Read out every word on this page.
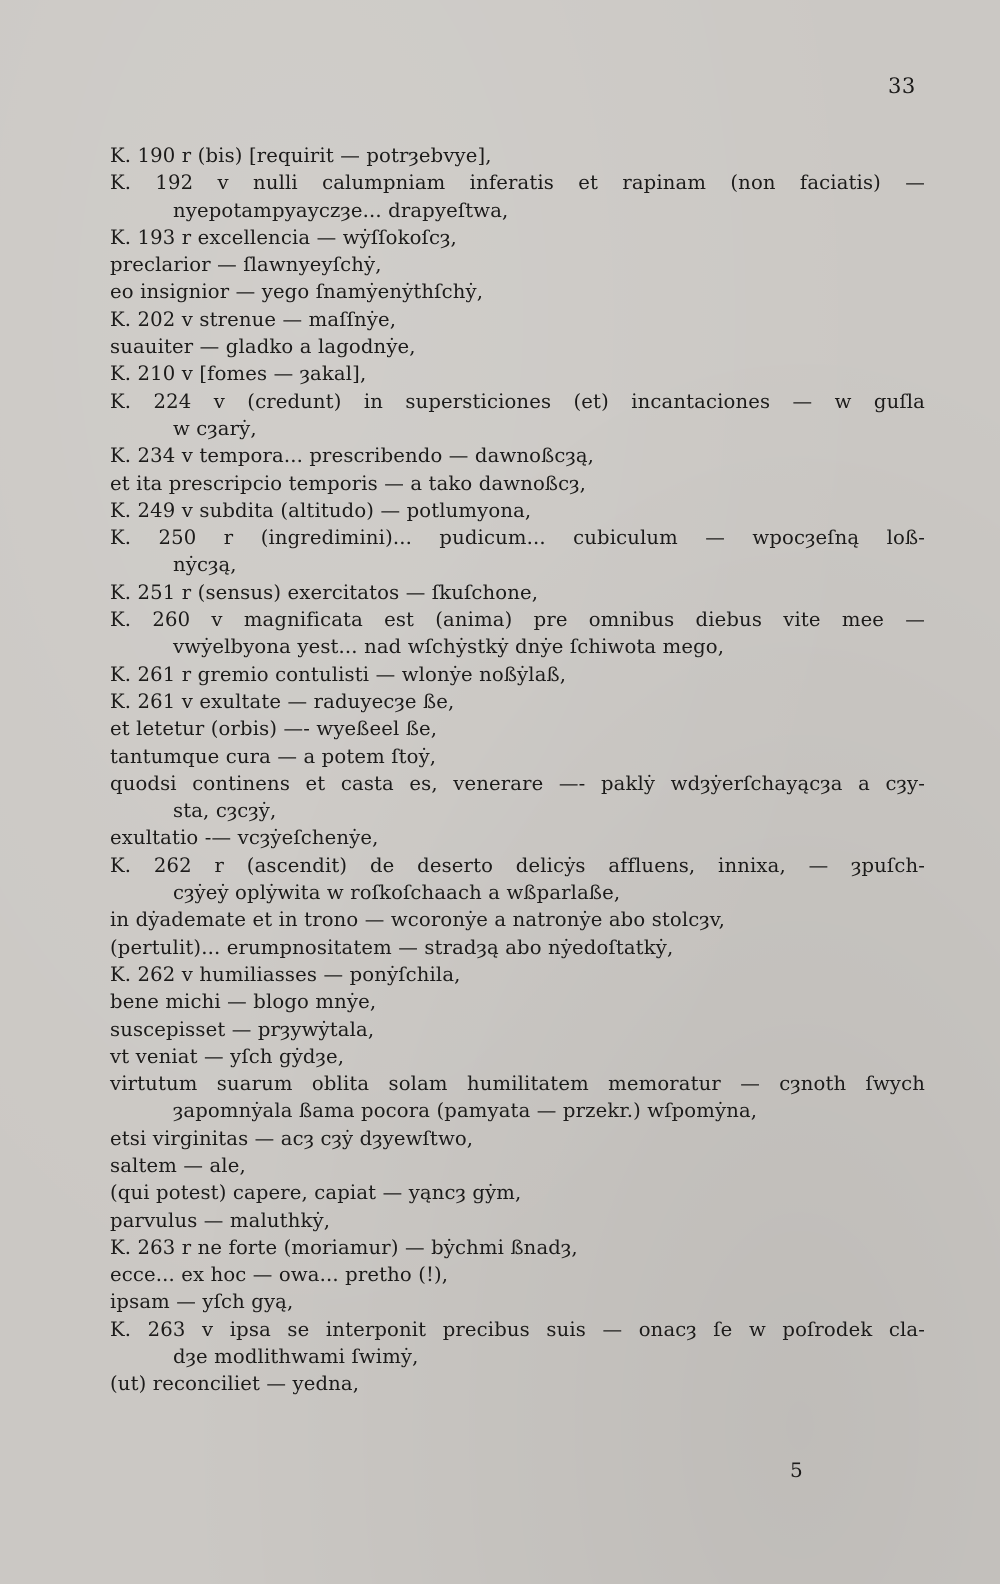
33
K. 190 r (bis) [requirit — potrȝebvye],
K. 192 v nulli calumpniam inferatis et rapinam (non faciatis) —
nyepotampyayczȝe... drapyeſtwa,
K. 193 r excellencia — wẏſſokoſcȝ,
preclarior — ſlawnyeyſchẏ,
eo insignior — yego ſnamẏenẏthſchẏ,
K. 202 v strenue — maſſnẏe,
suauiter — gladko a lagodnẏe,
K. 210 v [fomes — ȝakal],
K. 224 v (credunt) in supersticiones (et) incantaciones — w guſla
w cȝarẏ,
K. 234 v tempora... prescribendo — dawnoßcȝą,
et ita prescripcio temporis — a tako dawnoßcȝ,
K. 249 v subdita (altitudo) — potlumyona,
K. 250 r (ingredimini)... pudicum... cubiculum — wpocȝeſną loß-
nẏcȝą,
K. 251 r (sensus) exercitatos — ſkuſchone,
K. 260 v magnificata est (anima) pre omnibus diebus vite mee —
vwẏelbyona yest... nad wſchẏstkẏ dnẏe ſchiwota mego,
K. 261 r gremio contulisti — wlonẏe noßẏlaß,
K. 261 v exultate — raduyecȝe ße,
et letetur (orbis) —- wyeßeel ße,
tantumque cura — a potem ſtoẏ,
quodsi continens et casta es, venerare —- paklẏ wdȝẏerſchayącȝa a cȝy-
sta, cȝcȝẏ,
exultatio -— vcȝẏeſchenẏe,
K. 262 r (ascendit) de deserto delicẏs affluens, innixa, — ȝpuſch-
cȝẏeẏ oplẏwita w roſkoſchaach a wßparlaße,
in dẏademate et in trono — wcoronẏe a natronẏe abo stolcȝv,
(pertulit)... erumpnositatem — stradȝą abo nẏedoſtatkẏ,
K. 262 v humiliasses — ponẏſchila,
bene michi — blogo mnẏe,
suscepisset — prȝywẏtala,
vt veniat — yſch gẏdȝe,
virtutum suarum oblita solam humilitatem memoratur — cȝnoth ſwych
ȝapomnẏala ßama pocora (pamyata — przekr.) wſpomẏna,
etsi virginitas — acȝ cȝẏ dȝyewſtwo,
saltem — ale,
(qui potest) capere, capiat — yąncȝ gẏm,
parvulus — maluthkẏ,
K. 263 r ne forte (moriamur) — bẏchmi ßnadȝ,
ecce... ex hoc — owa... pretho (!),
ipsam — yſch gyą,
K. 263 v ipsa se interponit precibus suis — onacȝ ſe w poſrodek cla-
dȝe modlithwami ſwimẏ,
(ut) reconciliet — yedna,
5
